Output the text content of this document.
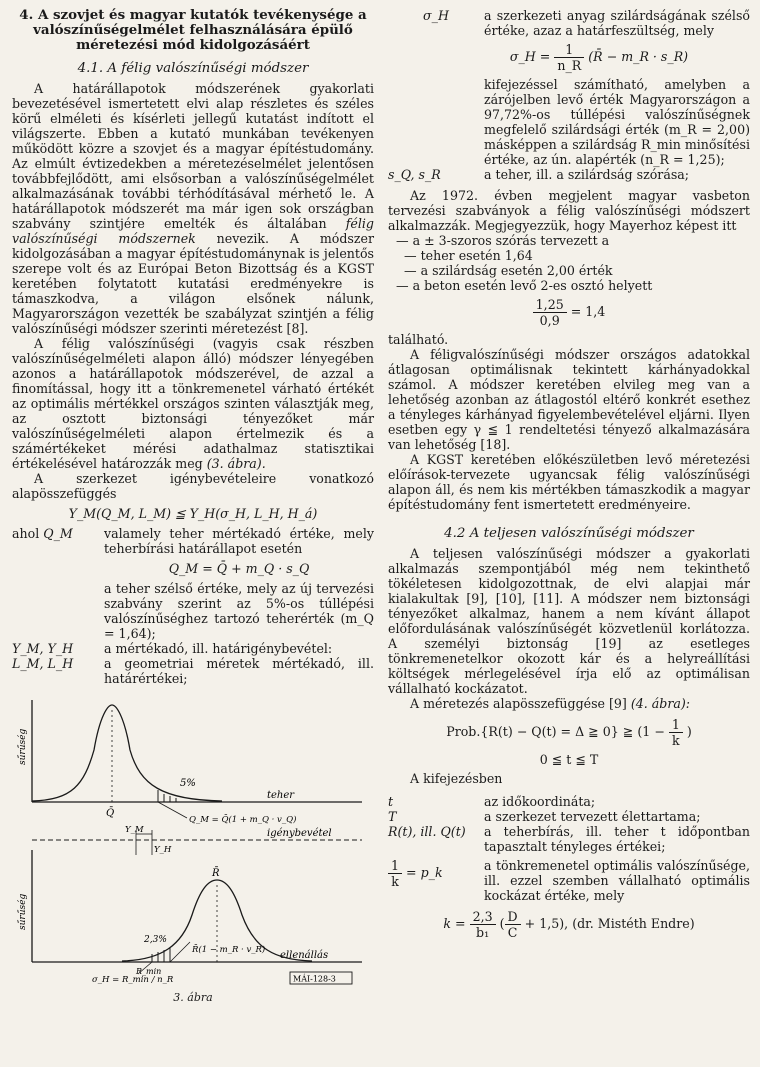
4. A szovjet és magyar kutatók tevékenysége a valószínűségelmélet felhasználására épülő méretezési mód kidolgozásáért

4.1. A félig valószínűségi módszer

A határállapotok módszerének gyakorlati bevezetésével ismertetett elvi alap részletes és széles körű elméleti és kísérleti jellegű kutatást indított el világszerte. Ebben a kutató munkában tevékenyen működött közre a szovjet és a magyar építéstudomány. Az elmúlt évtizedekben a méretezéselmélet jelentősen továbbfejlődött, ami elsősorban a valószínűségelmélet alkalmazásának további térhódításával mérhető le. A határállapotok módszerét ma már igen sok országban szabvány szintjére emelték és általában félig valószínűségi módszernek nevezik. A módszer kidolgozásában a magyar építéstudománynak is jelentős szerepe volt és az Európai Beton Bizottság és a KGST keretében folytatott kutatási eredményekre is támaszkodva, a világon elsőnek nálunk, Magyarországon vezették be szabályzat szintjén a félig valószínűségi módszer szerinti méretezést [8].

A félig valószínűségi (vagyis csak részben valószínűségelméleti alapon álló) módszer lényegében azonos a határállapotok módszerével, de azzal a finomítással, hogy itt a tönkremenetel várható értékét az optimális mértékkel országos szinten választják meg, az osztott biztonsági tényezőket már valószínűségelméleti alapon értelmezik és a számértékeket mérési adathalmaz statisztikai értékelésével határozzák meg (3. ábra).

A szerkezet igénybevételeire vonatkozó alapösszefüggés

Y_M(Q_M, L_M) ≦ Y_H(σ_H, L_H, H_á)

ahol Q_M	valamely teher mértékadó értéke, mely teherbírási határállapot esetén

Q_M = Q̄ + m_Q · s_Q

a teher szélső értéke, mely az új tervezési szabvány szerint az 5%-os túllépési valószínűséghez tartozó teherérték (m_Q = 1,64);
Y_M, Y_H	a mértékadó, ill. határigénybevétel:
L_M, L_H	a geometriai méretek mértékadó, ill. határértékei;
sűrűség
5%
teher
Q̄
Q_M = Q̄(1 + m_Q · v_Q)
Y_M
Y_H
igénybevétel
sűrűség
2,3%
R̄
R_min
R̄(1 − m_R · v_R) ellenállás
σ_H = R_min / n_R	MÁI-128-3
3. ábra
σ_H	a szerkezeti anyag szilárdságának szélső értéke, azaz a határfeszültség, mely
σ_H = $\frac{1}{n\_R}$ (R̄ − m_R · s_R)
kifejezéssel számítható, amelyben a zárójelben levő érték Magyarországon a 97,72%-os túllépési valószínűségnek megfelelő szilárdsági érték (m_R = 2,00) másképpen a szilárdság R_min minősítési értéke, az ún. alapérték (n_R = 1,25);
s_Q, s_R	a teher, ill. a szilárdság szórása;

Az 1972. évben megjelent magyar vasbeton tervezési szabványok a félig valószínűségi módszert alkalmazzák. Megjegyezzük, hogy Mayerhoz képest itt

— a ± 3-szoros szórás tervezett a
— teher esetén 1,64
— a szilárdság esetén 2,00 érték
— a beton esetén levő 2-es osztó helyett
$\frac{1,25}{0,9} = 1,4$

található.

A féligvalószínűségi módszer országos adatokkal átlagosan optimálisnak tekintett kárhányadokkal számol. A módszer keretében elvileg meg van a lehetőség azonban az átlagostól eltérő konkrét esethez a tényleges kárhányad figyelembevételével eljárni. Ilyen esetben egy γ ≦ 1 rendeltetési tényező alkalmazására van lehetőség [18].

A KGST keretében előkészületben levő méretezési előírások-tervezete ugyancsak félig valószínűségi alapon áll, és nem kis mértékben támaszkodik a magyar építéstudomány fent ismertetett eredményeire.

4.2 A teljesen valószínűségi módszer

A teljesen valószínűségi módszer a gyakorlati alkalmazás szempontjából még nem tekinthető tökéletesen kidolgozottnak, de elvi alapjai már kialakultak [9], [10], [11]. A módszer nem biztonsági tényezőket alkalmaz, hanem a nem kívánt állapot előfordulásának valószínűségét közvetlenül korlátozza. A személyi biztonság [19] az esetleges tönkremenetelkor okozott kár és a helyreállítási költségek mérlegelésével írja elő az optimálisan vállalható kockázatot.

A méretezés alapösszefüggése [9] (4. ábra):

Prob.{R(t) − Q(t) = Δ ≧ 0} ≧ ($1 - \frac{1}{k}$ )
0 ≦ t ≦ T

A kifejezésben

t	az időkoordináta;
T	a szerkezet tervezett élettartama;
R(t), ill. Q(t)	a teherbírás, ill. teher t időpontban tapasztalt tényleges értékei;
$\frac{1}{k}$ = p_k	a tönkremenetel optimális valószínűsége, ill. ezzel szemben vállalható optimális kockázat értéke, mely
$k = \frac{2,3}{\text{b₁}}$ ( $\frac{D}{C} + 1,5$), (dr. Mistéth Endre)
